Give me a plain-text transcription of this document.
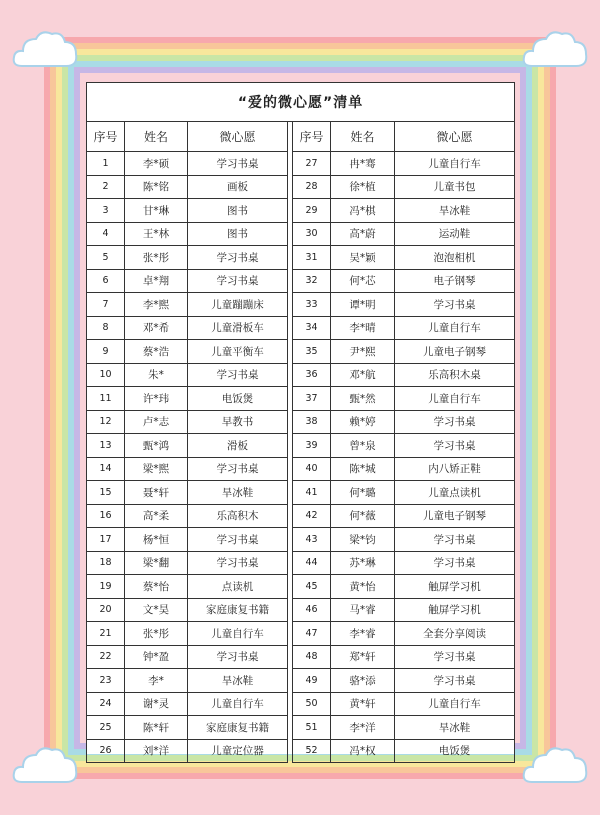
“爱的微心愿”清单						
序号	姓名	微心愿		序号	姓名	微心愿
1	李*硕	学习书桌		27	冉*骞	儿童自行车
2	陈*铭	画板		28	徐*植	儿童书包
3	甘*琳	图书		29	冯*棋	旱冰鞋
4	王*林	图书		30	高*蔚	运动鞋
5	张*彤	学习书桌		31	吴*颖	泡泡相机
6	卓*翔	学习书桌		32	何*芯	电子钢琴
7	李*熙	儿童蹦蹦床		33	谭*明	学习书桌
8	邓*希	儿童滑板车		34	李*晴	儿童自行车
9	蔡*浩	儿童平衡车		35	尹*熙	儿童电子钢琴
10	朱*	学习书桌		36	邓*航	乐高积木桌
11	许*玮	电饭煲		37	甄*然	儿童自行车
12	卢*志	早教书		38	赖*婷	学习书桌
13	甄*鸿	滑板		39	曾*泉	学习书桌
14	梁*熙	学习书桌		40	陈*城	内八矫正鞋
15	聂*轩	旱冰鞋		41	何*璐	儿童点读机
16	高*柔	乐高积木		42	何*薇	儿童电子钢琴
17	杨*恒	学习书桌		43	梁*钧	学习书桌
18	梁*翻	学习书桌		44	苏*琳	学习书桌
19	蔡*怡	点读机		45	黄*怡	触屏学习机
20	文*昊	家庭康复书籍		46	马*睿	触屏学习机
21	张*彤	儿童自行车		47	李*睿	全套分享阅读
22	钟*盈	学习书桌		48	郑*轩	学习书桌
23	李*	旱冰鞋		49	骆*添	学习书桌
24	谢*灵	儿童自行车		50	黄*轩	儿童自行车
25	陈*轩	家庭康复书籍		51	李*洋	旱冰鞋
26	刘*洋	儿童定位器		52	冯*权	电饭煲
